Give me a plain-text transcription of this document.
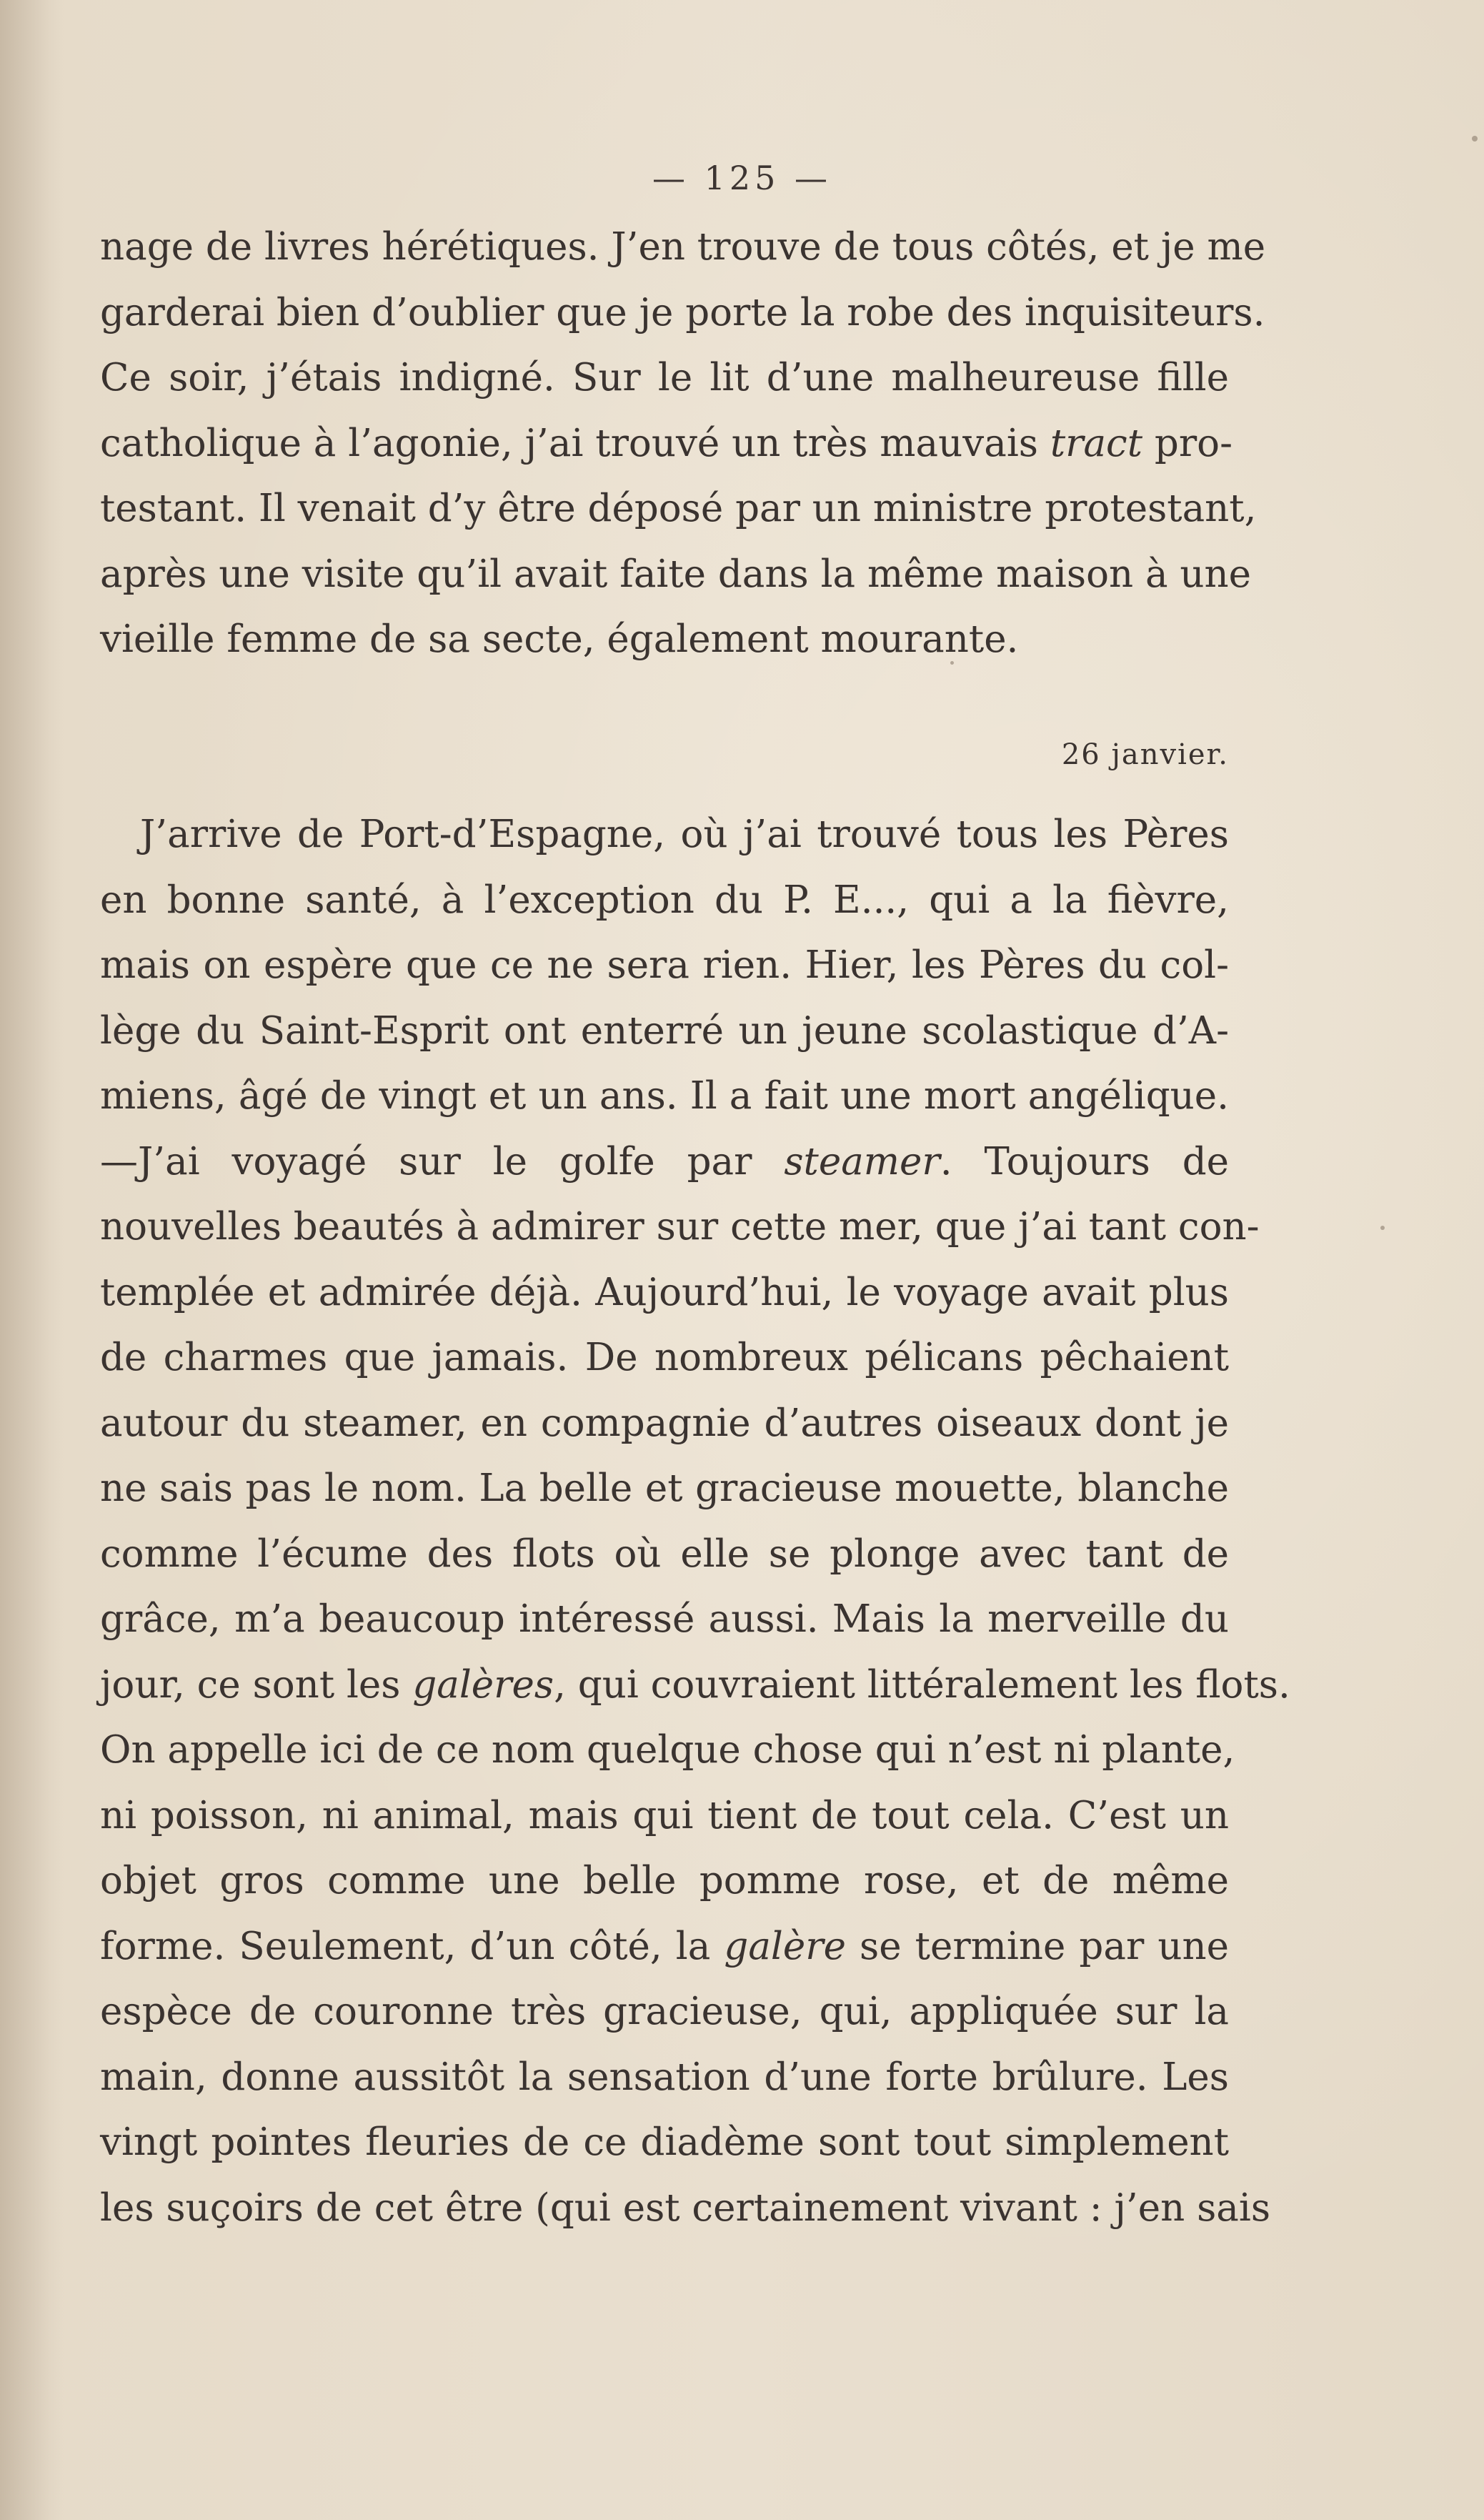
— 125 —
nage de livres hérétiques. J’en trouve de tous côtés, et je me
garderai bien d’oublier que je porte la robe des inquisiteurs.
Ce soir, j’étais indigné. Sur le lit d’une malheureuse fille
catholique à l’agonie, j’ai trouvé un très mauvais tract pro-
testant. Il venait d’y être déposé par un ministre protestant,
après une visite qu’il avait faite dans la même maison à une
vieille femme de sa secte, également mourante.
26 janvier.
J’arrive de Port-d’Espagne, où j’ai trouvé tous les Pères
en bonne santé, à l’exception du P. E..., qui a la fièvre,
mais on espère que ce ne sera rien. Hier, les Pères du col-
lège du Saint-Esprit ont enterré un jeune scolastique d’A-
miens, âgé de vingt et un ans. Il a fait une mort angélique.
—J’ai voyagé sur le golfe par steamer. Toujours de
nouvelles beautés à admirer sur cette mer, que j’ai tant con-
templée et admirée déjà. Aujourd’hui, le voyage avait plus
de charmes que jamais. De nombreux pélicans pêchaient
autour du steamer, en compagnie d’autres oiseaux dont je
ne sais pas le nom. La belle et gracieuse mouette, blanche
comme l’écume des flots où elle se plonge avec tant de
grâce, m’a beaucoup intéressé aussi. Mais la merveille du
jour, ce sont les galères, qui couvraient littéralement les flots.
On appelle ici de ce nom quelque chose qui n’est ni plante,
ni poisson, ni animal, mais qui tient de tout cela. C’est un
objet gros comme une belle pomme rose, et de même
forme. Seulement, d’un côté, la galère se termine par une
espèce de couronne très gracieuse, qui, appliquée sur la
main, donne aussitôt la sensation d’une forte brûlure. Les
vingt pointes fleuries de ce diadème sont tout simplement
les suçoirs de cet être (qui est certainement vivant : j’en sais
